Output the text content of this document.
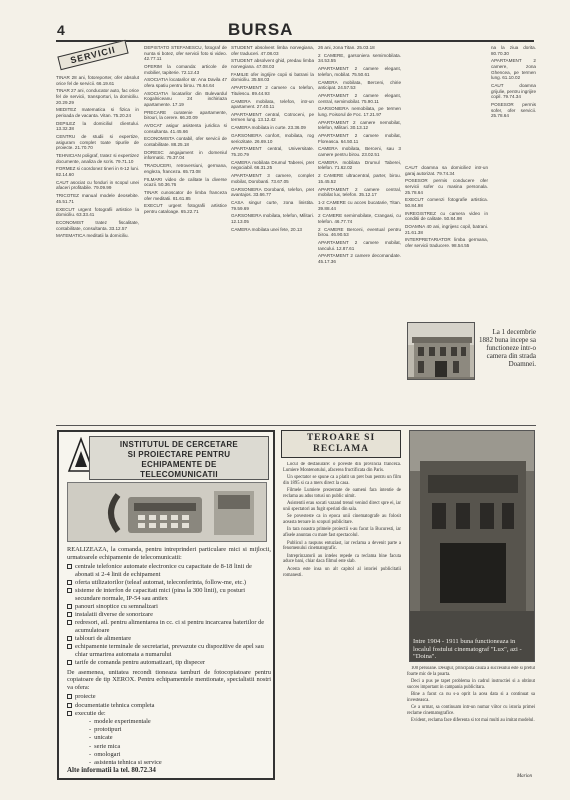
4	BURSA

TINAR 28 ani, fotoreporter, ofer absolut orice fel de servicii. 66.19.61

TINAR 27 ani, conducator auto, fac orice fel de servicii, transporturi, la domiciliu. 20.29.29

MEDITEZ matematica si fizica in perioada de vacanta. Vitan. 75.20.24

DEPILEZ la domiciliul clientului. 13.32.38

CENTRU de studii si expertize, asiguram complet toate tipurile de proiecte. 21.70.70

TEHNICIAN poligraf, tratez si expertizez documente, analiza de scris. 79.71.10

FORMEZ si coordonez tineri in 6-12 luni. 82.14.60

CAUT asociat cu fonduri in scopul unei afaceri profitabile. 79.09.99

TRICOTEZ manual modele deosebite. 45.51.71

EXECUT urgent fotografii artistice la domiciliu. 63.33.41

ECONOMIST tratez fiscalitate, contabilitate, consultanta. 33.12.57

MATEMATICA meditatii la domiciliu.

SERVICII	DEPISTATO STEFANESCU, fotograf de nunta si botez, ofer servicii foto si video. 42.77.11

OFERIM la comanda: articole de mobilier, tapiterie. 72.12.43

ASOCIATIA locatarilor str. Ana Davila 47 ofera spatiu pentru birou. 76.64.64

ASOCIATIA locatarilor din Bulevardul Kogalniceanu 24 inchiriaza apartamente. 17.19

PRECARE curatenie apartamente, birouri, la cerere. 66.20.09

AVOCAT asigur asistenta juridica si consultanta. 41.45.66

ECONOMISTA contabil, ofer servicii de contabilitate. 88.25.18

DORESC angajament in domeniul informatic. 75.37.04

TRADUCERI, retroversiuni, germana, engleza, franceza. 65.73.08

FILMARI video de calitate la diverse ocazii. 50.36.76

TINAR cunoscator de limba franceza ofer meditatii. 81.61.85

EXECUT urgent fotografii artistice pentru cataloage. 65.22.71

STUDENT absolvent limba norvegiana, ofer traduceri. 47.08.03

STUDENT absolvent ghid, predau limba norvegiana. 47.08.03

FAMILIE ofer ingrijire copii si batrani la domiciliu. 35.58.03

APARTAMENT 2 camere cu telefon, Titulescu. 89.44.93

CAMERA mobilata, telefon, intr-un apartament. 27.40.11

APARTAMENT central, Cotroceni, pe termen lung. 13.12.42

CAMERA mobilata in curte. 23.36.09

GARSONIERA confort, mobilata, rog seriozitate. 26.69.10

APARTAMENT central, Universitate. 75.20.79

CAMERA mobilata Drumul Taberei, pret negociabil. 66.31.25

APARTAMENT 3 camere, complet mobilat, Dorobanti. 73.67.05

GARSONIERA Dorobanti, telefon, pret avantajos. 33.66.77

CASA singur curte, zona linistita. 79.59.69

GARSONIERA mobilata, telefon, Militari. 12.13.05

CAMERA mobilata unei fete, 20.13

26 ani, zona Titan. 25.03.18

2 CAMERE, garsoniera semimobilata. 34.53.55

APARTAMENT 2 camere elegant, telefon, mobilat. 75.50.61

CAMERA mobilata, Berceni, chirie anticipat. 24.57.53

APARTAMENT 2 camere elegant, central, semimobilat. 75.90.11

GARSONIERA nemobilata, pe termen lung. Foisorul de Foc. 17.21.97

APARTAMENT 2 camere nemobilat, telefon, Militari. 30.13.12

APARTAMENT 2 camere mobilat, Floreasca. 64.50.11

CAMERA mobilata, Berceni, sau 3 camere pentru birou. 23.02.51

CAMERA mobilata Drumul Taberei, telefon. 71.62.02

2 CAMERE ultracentral, parter, birou. 15.45.52

APARTAMENT 2 camere central, mobilat lux, telefon. 35.12.17

1-2 CAMERE cu acces bucatarie, Titan. 39.88.44

2 CAMERE semimobilate, Crangasi, cu telefon. 46.77.74

2 CAMERE Berceni, eventual pentru birou. 46.90.53

APARTAMENT 2 camere mobilat, Iancului. 12.87.61

APARTAMENT 2 camere decomandate. 45.17.36

na la ziua dorita. 80.70.30

APARTAMENT 2 camere, zona Ghencea, pe termen lung. 61.10.02

CAUT doamna grijulie, pentru ingrijire copil. 79.74.34

POSESOR permis sofer, ofer servicii. 25.78.64

CAUT doamna sa domiciliez intr-un garaj autorizat. 79.74.34

POSESOR permis conducere ofer servicii sofer cu masina personala. 25.78.64

EXECUT comenzi fotografie artistica. 50.84.98

INREGISTREZ cu camera video in conditii de calitate. 50.84.98

DOAMNA 40 ani, ingrijesc copil, batrani. 21.61.38

INTERPRETARIATOR limba germana, ofer servicii traducere. 98.54.55

La 1 decembrie 1882 buna incepe sa functioneze intr-o camera din strada Doamnei.
INSTITUTUL DE CERCETARE
SI PROIECTARE PENTRU
ECHIPAMENTE DE
TELECOMUNICATII

REALIZEAZA, la comanda, pentru intreprinderi particulare mici si mijlocii, urmatoarele echipamente de telecomunicatii:

centrale telefonice automate electronice cu capacitate de 8-18 linii de abonati si 2-4 linii de echipament
oferta utilizatorilor (teleaf automat, teleconferinta, follow-me, etc.)
sisteme de interfon de capacitati mici (pina la 300 linii), cu posturi secundare normale, IP-54 sau antiex
panouri sinoptice cu semnalizari
instalatii diverse de sonorizare
redresori, atl. pentru alimentarea in cc. ci si pentru incarcarea bateriilor de acumulatoare
tablouri de alimentare
echipamente terminale de secretariat, prevazute cu dispozitive de apel sau chiar urmarirea automata a numarului
tarife de comanda pentru automatizari, tip dispecer

De asemenea, unitatea recondi tioneaza tamburi de fotocopiatoare pentru copiatoare de tip XEROX. Pentru echipamentele mentionate, specialistii nostri va ofera:

proiecte
documentatie tehnica completa
executie de:
- modele experimentale
- prototipuri
- unicate
- serie mica
- omologari
- asistenta tehnica si service
Alte informatii la tel. 80.72.34
TEROARE SI
RECLAMA

Locul de desfasurare: o poveste din provincia franceza. Lumiere Montenotului, afacerea fructificata din Paris.

Un spectator se spune ca a platit un pret bun pentru un film din 1895 si ca a mers direct la casa.

Filmele Lumiere prezentate de oameni fara intentie de reclama au adus totusi un public uimit.

Asistentii erau socati vazand trenul venind direct spre ei, iar unii spectatori au fugit speriati din sala.

Se povesteste ca in epoca unii cinematografe au folosit aceasta teroare in scopuri publicitare.

In tara noastra primele proiectii s-au facut la Bucuresti, iar afisele anuntau cu mare fast spectacolul.

Publicul a raspuns entuziast, iar reclama a devenit parte a fenomenului cinematografic.

Intreprinzatorii au inteles repede ca reclama bine facuta aduce bani, chiar daca filmul este slab.

Acesta este insa un alt capitol al istoriei publicitatii romanesti.

Intre 1904 - 1911 buna functioneaza in localul fostului cinematograf "Lux", azi - "Doina".

100 persoane. Desigur, principala cauza a succesului este si pretul foarte mic de la poarta.

Deci a pus pe tapet problema in cadrul instructiei si a obtinut succes important in campania publicitara.

Bine a facut ca nu s-a oprit la acea data si a continuat sa investeasca.

Ce a urmat, sa continuam intr-un numar viitor cu istoria primei reclame cinematografice.

Evident, reclama face diferenta si tot mai multi au imitat modelul.

Marion
